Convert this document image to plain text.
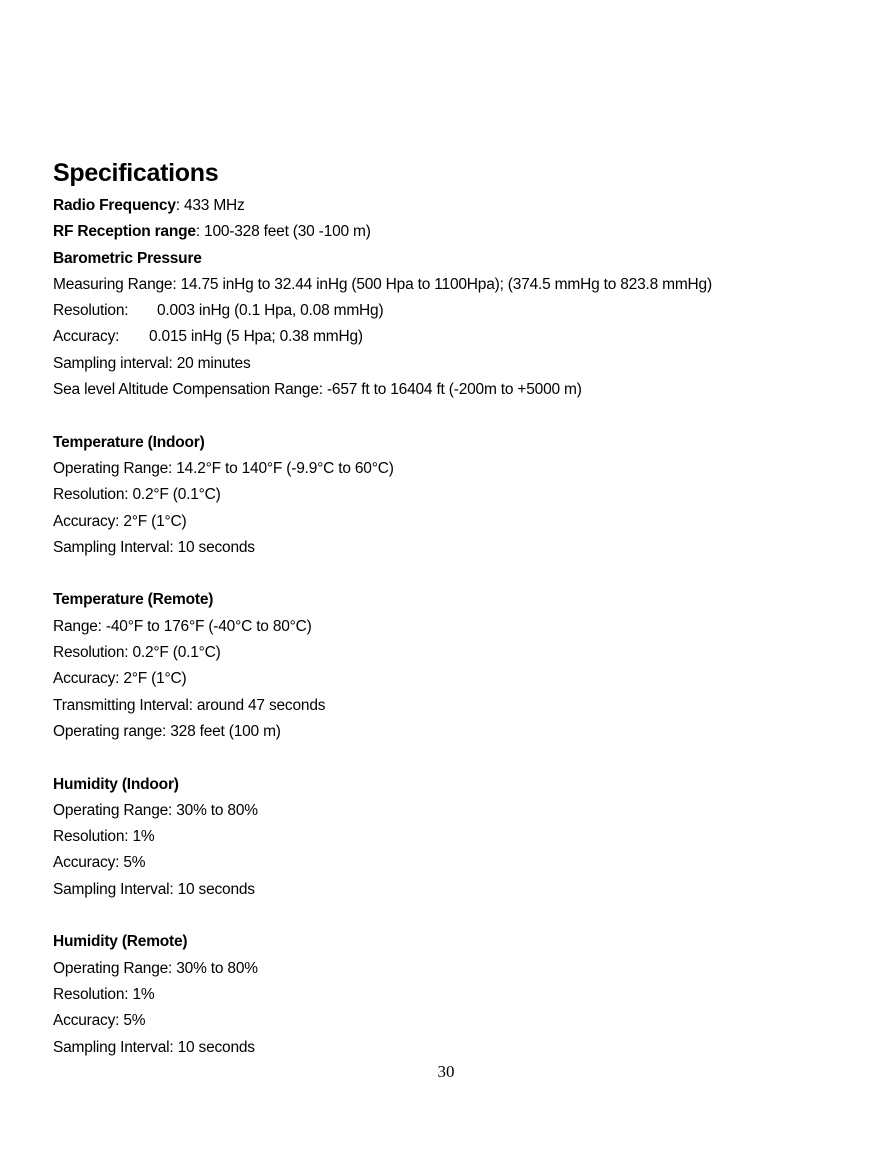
Specifications
Radio Frequency: 433 MHz
RF Reception range: 100-328 feet (30 -100 m)
Barometric Pressure
Measuring Range: 14.75 inHg to 32.44 inHg (500 Hpa to 1100Hpa); (374.5 mmHg to 823.8 mmHg)
Resolution: 0.003 inHg (0.1 Hpa, 0.08 mmHg)
Accuracy: 0.015 inHg (5 Hpa; 0.38 mmHg)
Sampling interval: 20 minutes
Sea level Altitude Compensation Range: -657 ft to 16404 ft (-200m to +5000 m)
Temperature (Indoor)
Operating Range: 14.2°F to 140°F (-9.9°C to 60°C)
Resolution: 0.2°F (0.1°C)
Accuracy: 2°F (1°C)
Sampling Interval: 10 seconds
Temperature (Remote)
Range: -40°F to 176°F (-40°C to 80°C)
Resolution: 0.2°F (0.1°C)
Accuracy: 2°F (1°C)
Transmitting Interval: around 47 seconds
Operating range: 328 feet (100 m)
Humidity (Indoor)
Operating Range: 30% to 80%
Resolution: 1%
Accuracy: 5%
Sampling Interval: 10 seconds
Humidity (Remote)
Operating Range: 30% to 80%
Resolution: 1%
Accuracy: 5%
Sampling Interval: 10 seconds
30
